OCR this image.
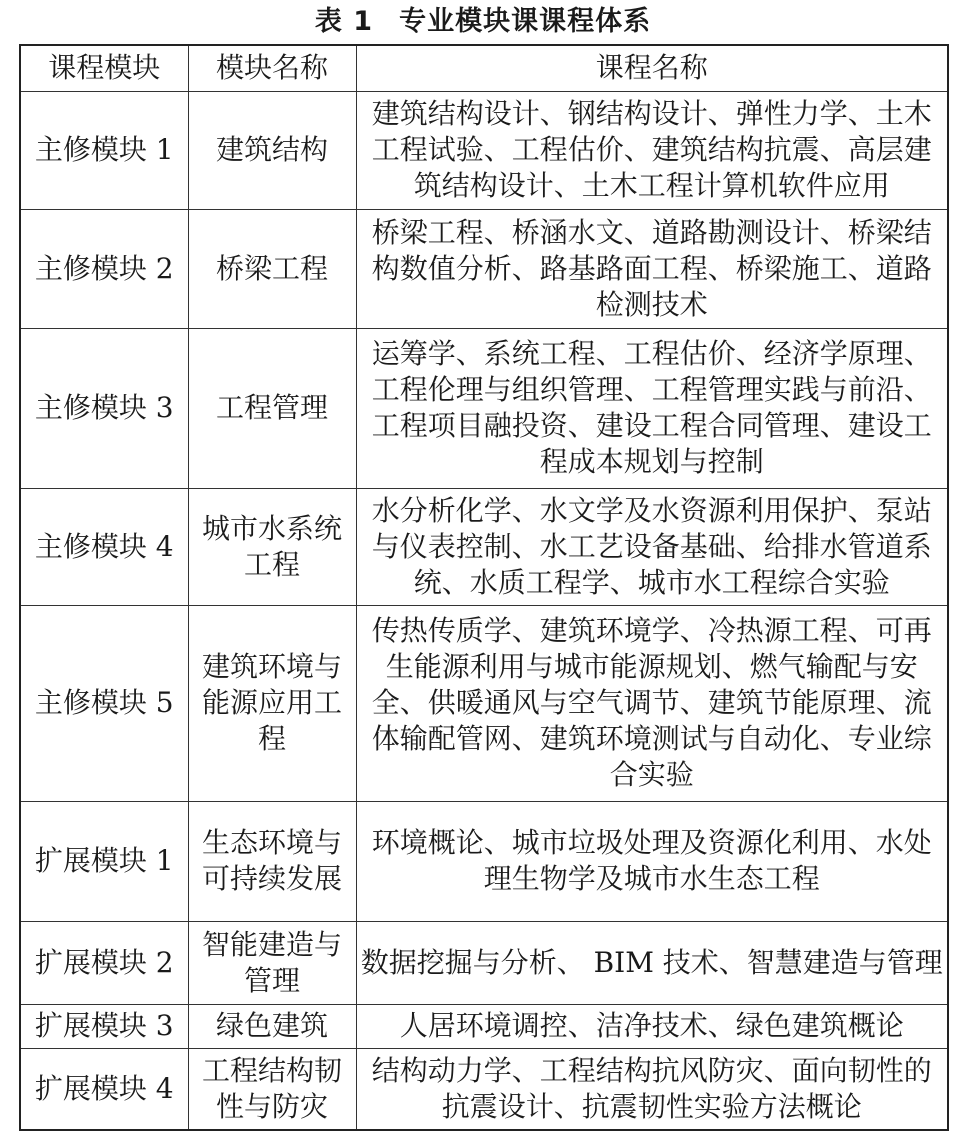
表 1 专业模块课课程体系
课程模块	模块名称	课程名称
主修模块 1	建筑结构	建筑结构设计、钢结构设计、弹性力学、土木工程试验、工程估价、建筑结构抗震、高层建筑结构设计、土木工程计算机软件应用
主修模块 2	桥梁工程	桥梁工程、桥涵水文、道路勘测设计、桥梁结构数值分析、路基路面工程、桥梁施工、道路检测技术
主修模块 3	工程管理	运筹学、系统工程、工程估价、经济学原理、工程伦理与组织管理、工程管理实践与前沿、工程项目融投资、建设工程合同管理、建设工程成本规划与控制
主修模块 4	城市水系统工程	水分析化学、水文学及水资源利用保护、泵站与仪表控制、水工艺设备基础、给排水管道系统、水质工程学、城市水工程综合实验
主修模块 5	建筑环境与能源应用工程	传热传质学、建筑环境学、冷热源工程、可再生能源利用与城市能源规划、燃气输配与安全、供暖通风与空气调节、建筑节能原理、流体输配管网、建筑环境测试与自动化、专业综合实验
扩展模块 1	生态环境与可持续发展	环境概论、城市垃圾处理及资源化利用、水处理生物学及城市水生态工程
扩展模块 2	智能建造与管理	数据挖掘与分析、 BIM 技术、智慧建造与管理
扩展模块 3	绿色建筑	人居环境调控、洁净技术、绿色建筑概论
扩展模块 4	工程结构韧性与防灾	结构动力学、工程结构抗风防灾、面向韧性的抗震设计、抗震韧性实验方法概论
